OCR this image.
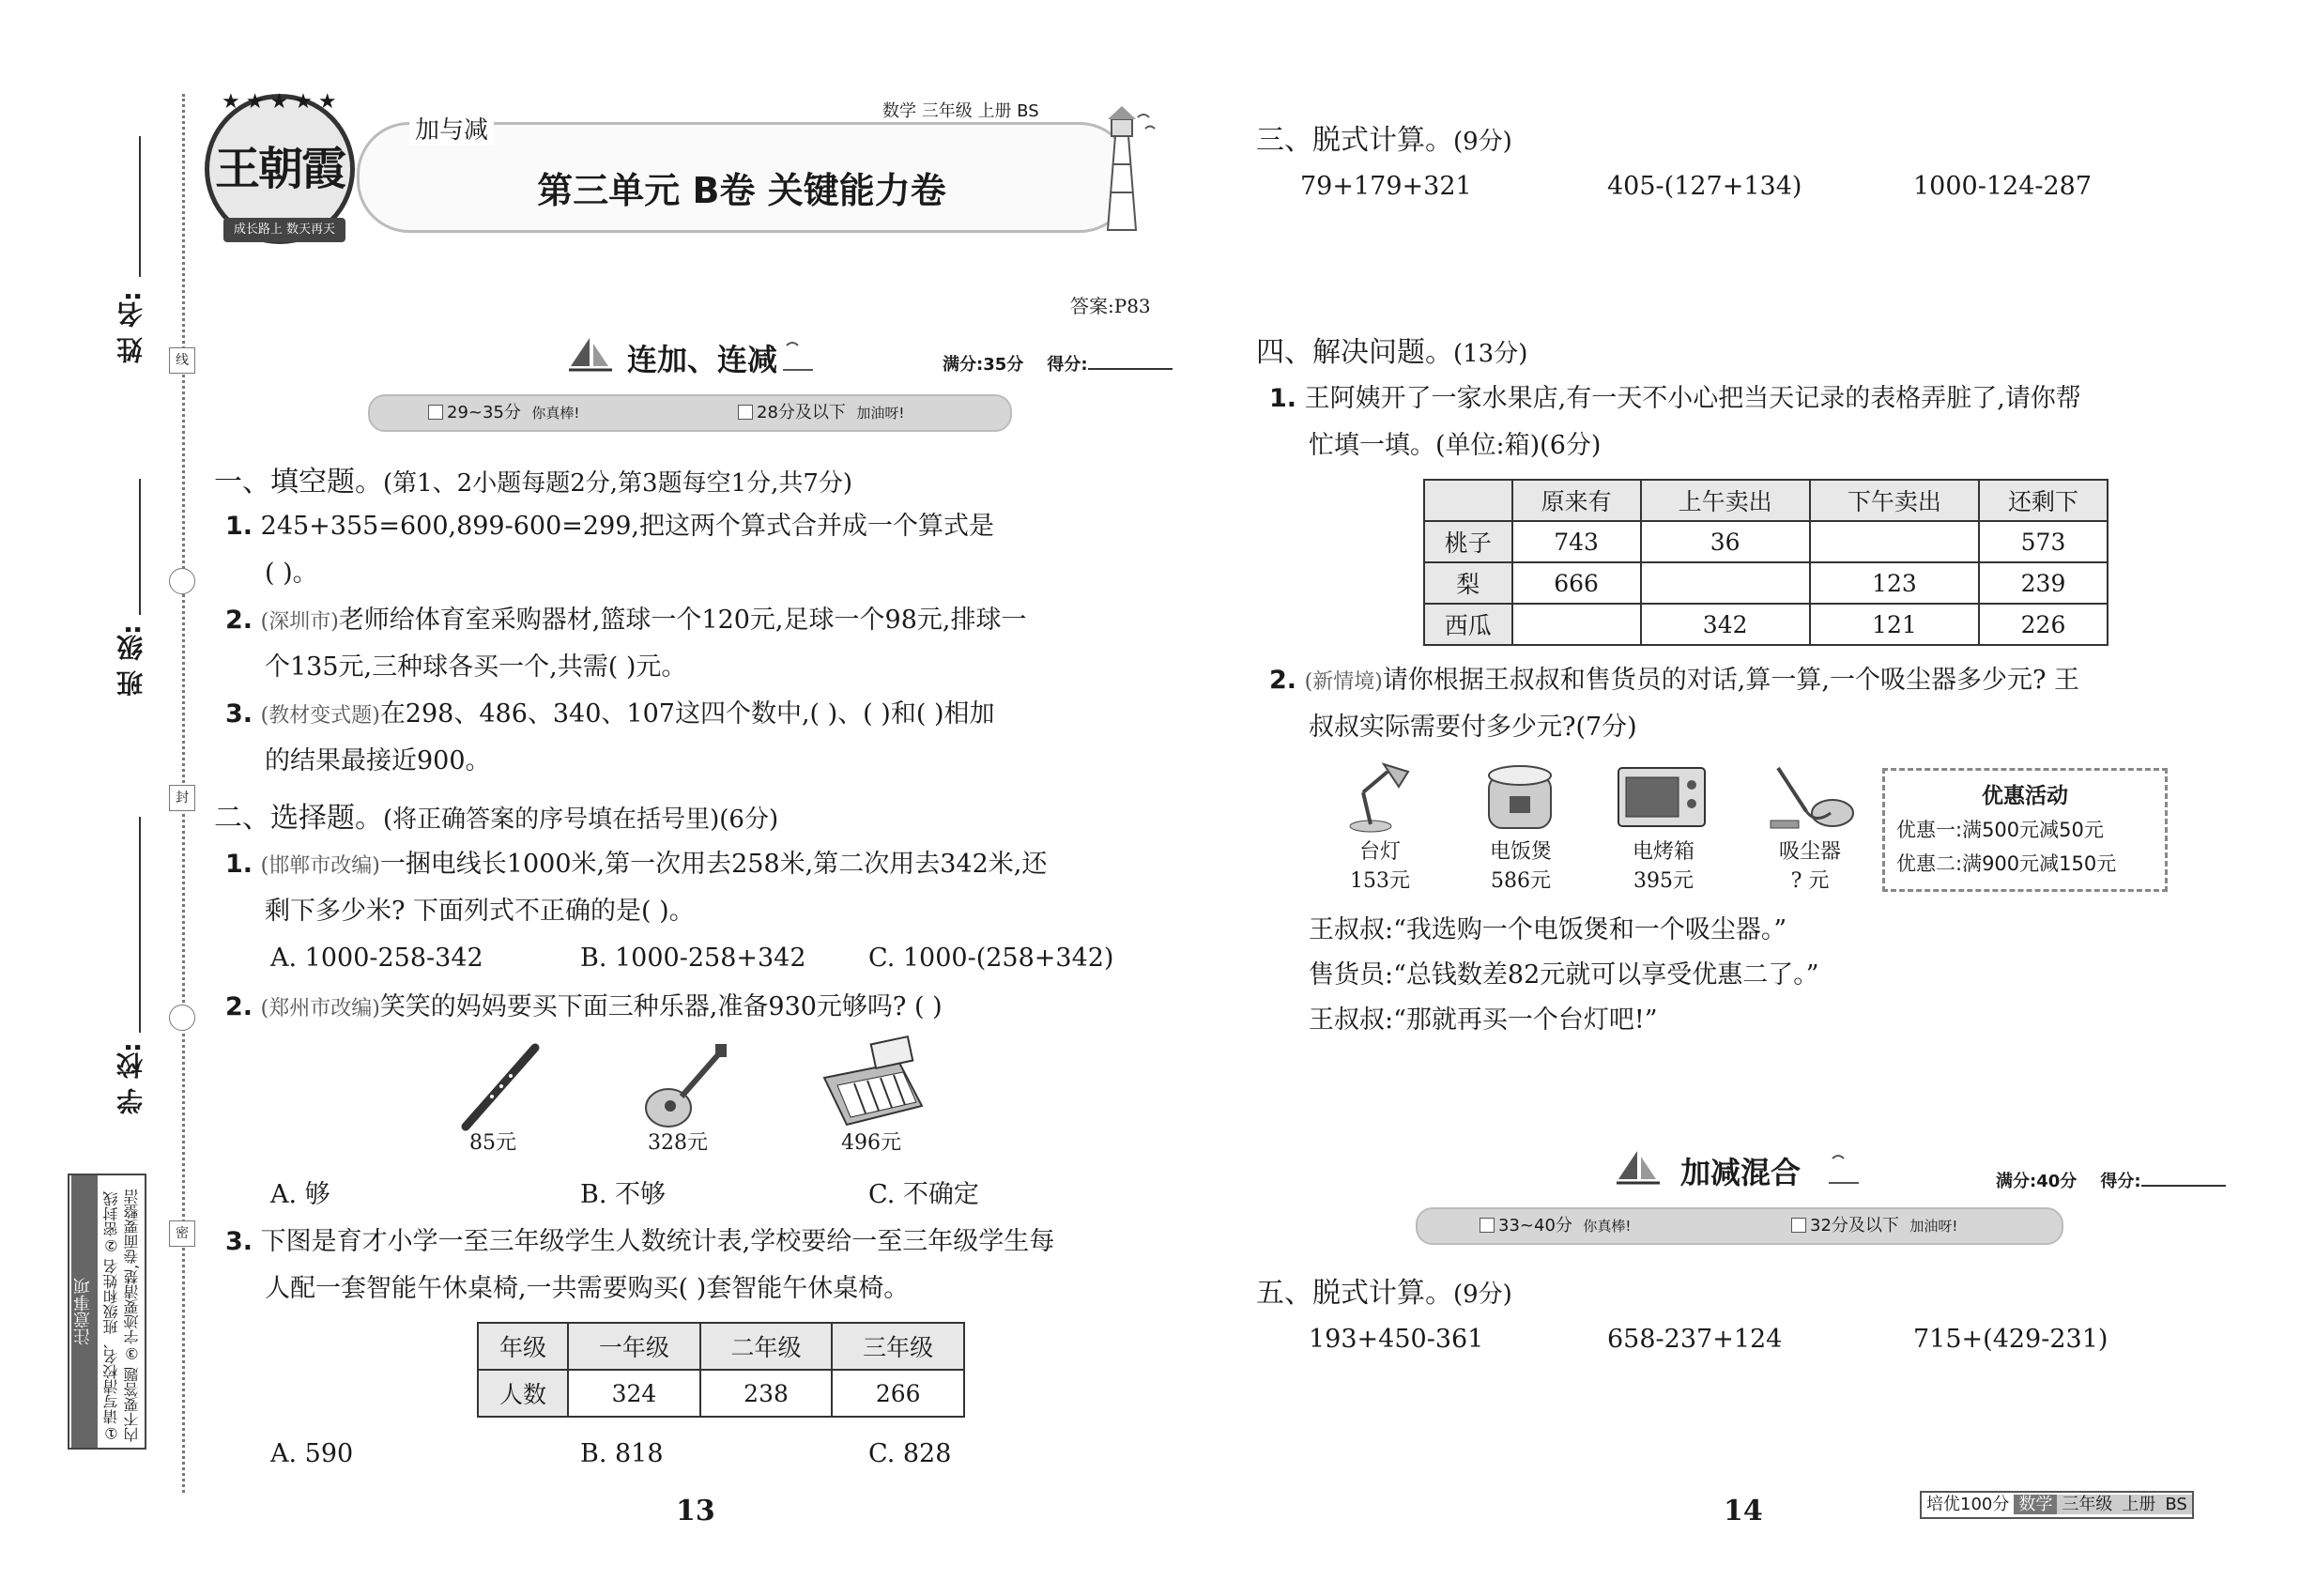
姓 名:
班 级:
学 校:
线
封
密
注意事项 ①请写清校名、班级和姓名 ②密封线内不要答题 ③字迹要清楚,卷面要整洁
王朝霞
★★★★★
成长路上 数天再天
加与减
数学 三年级 上册 BS
第三单元 B卷 关键能力卷
答案:P83
连加、连减	满分:35分 得分:
29~35分 你真棒!	28分及以下 加油呀!
一、填空题。(第1、2小题每题2分,第3题每空1分,共7分)
1. 245+355=600,899-600=299,把这两个算式合并成一个算式是
( )。
2. (深圳市)老师给体育室采购器材,篮球一个120元,足球一个98元,排球一
个135元,三种球各买一个,共需( )元。
3. (教材变式题)在298、486、340、107这四个数中,( )、( )和( )相加
的结果最接近900。
二、选择题。(将正确答案的序号填在括号里)(6分)
1. (邯郸市改编)一捆电线长1000米,第一次用去258米,第二次用去342米,还
剩下多少米? 下面列式不正确的是( )。
A. 1000-258-342	B. 1000-258+342 C. 1000-(258+342)
2. (郑州市改编)笑笑的妈妈要买下面三种乐器,准备930元够吗? ( )
85元	328元	496元
A. 够	B. 不够	C. 不确定
3. 下图是育才小学一至三年级学生人数统计表,学校要给一至三年级学生每
人配一套智能午休桌椅,一共需要购买( )套智能午休桌椅。
年级	一年级	二年级	三年级
人数	324	238	266
A. 590	B. 818	C. 828
13
三、脱式计算。(9分)
79+179+321	405-(127+134)	1000-124-287
四、解决问题。(13分)
1. 王阿姨开了一家水果店,有一天不小心把当天记录的表格弄脏了,请你帮
忙填一填。(单位:箱)(6分)
	原来有	上午卖出	下午卖出	还剩下
桃子	743	36		573
梨	666		123	239
西瓜		342	121	226
2. (新情境)请你根据王叔叔和售货员的对话,算一算,一个吸尘器多少元? 王
叔叔实际需要付多少元?(7分)
台灯
153元
电饭煲
586元
电烤箱
395元
吸尘器
? 元
优惠活动
优惠一:满500元减50元
优惠二:满900元减150元
王叔叔:“我选购一个电饭煲和一个吸尘器。”
售货员:“总钱数差82元就可以享受优惠二了。”
王叔叔:“那就再买一个台灯吧!”
加减混合	满分:40分 得分:
33~40分 你真棒!	32分及以下 加油呀!
五、脱式计算。(9分)
193+450-361	658-237+124	715+(429-231)
14	培优100分 数学 三年级 上册 BS
